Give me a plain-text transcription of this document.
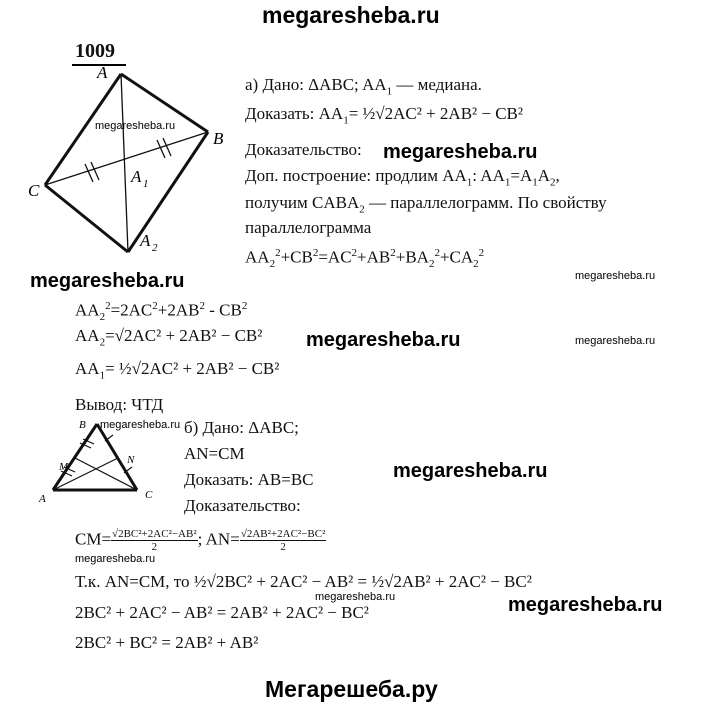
megaresheba.ru
Мегарешеба.ру
1009
A
B
C
A 1
A 2
megaresheba.ru
megaresheba.ru
megaresheba.ru	megaresheba.ru
megaresheba.ru	megaresheba.ru
megaresheba.ru
megaresheba.ru
megaresheba.ru
megaresheba.ru	megaresheba.ru
а) Дано: ΔABC; $AA_1$ — медиана.
Доказать: $AA_1=$ ½√2AC² + 2AB² − CB²
Доказательство:
Доп. построение: продлим $AA_1$: $AA_1=A_1A_2$,
получим $CABA_2$ — параллелограмм. По свойству
параллелограмма
$AA_2^2+CB^2=AC^2+AB^2+BA_2^2+CA_2^2$
$AA_2^2=2AC^2+2AB^2 - CB^2$
$AA_2=√2AC^2 + 2AB^2 - CB^2$
$AA_1=$ ½√2AC² + 2AB² − CB²
Вывод: ЧТД
B
N
M
A	C
б) Дано: ΔABC;
AN=CM
Доказать: AB=BC
Доказательство:
$CM= \frac{\text{√2BC²+2AC²−AB²}}{2}$ ; $AN= \frac{\text{√2AB²+2AC²−BC²}}{2}$
Т.к. AN=CM, то ½√2BC² + 2AC² − AB² = ½√2AB² + 2AC² − BC²
2BC² + 2AC² − AB² = 2AB² + 2AC² − BC²
2BC² + BC² = 2AB² + AB²
